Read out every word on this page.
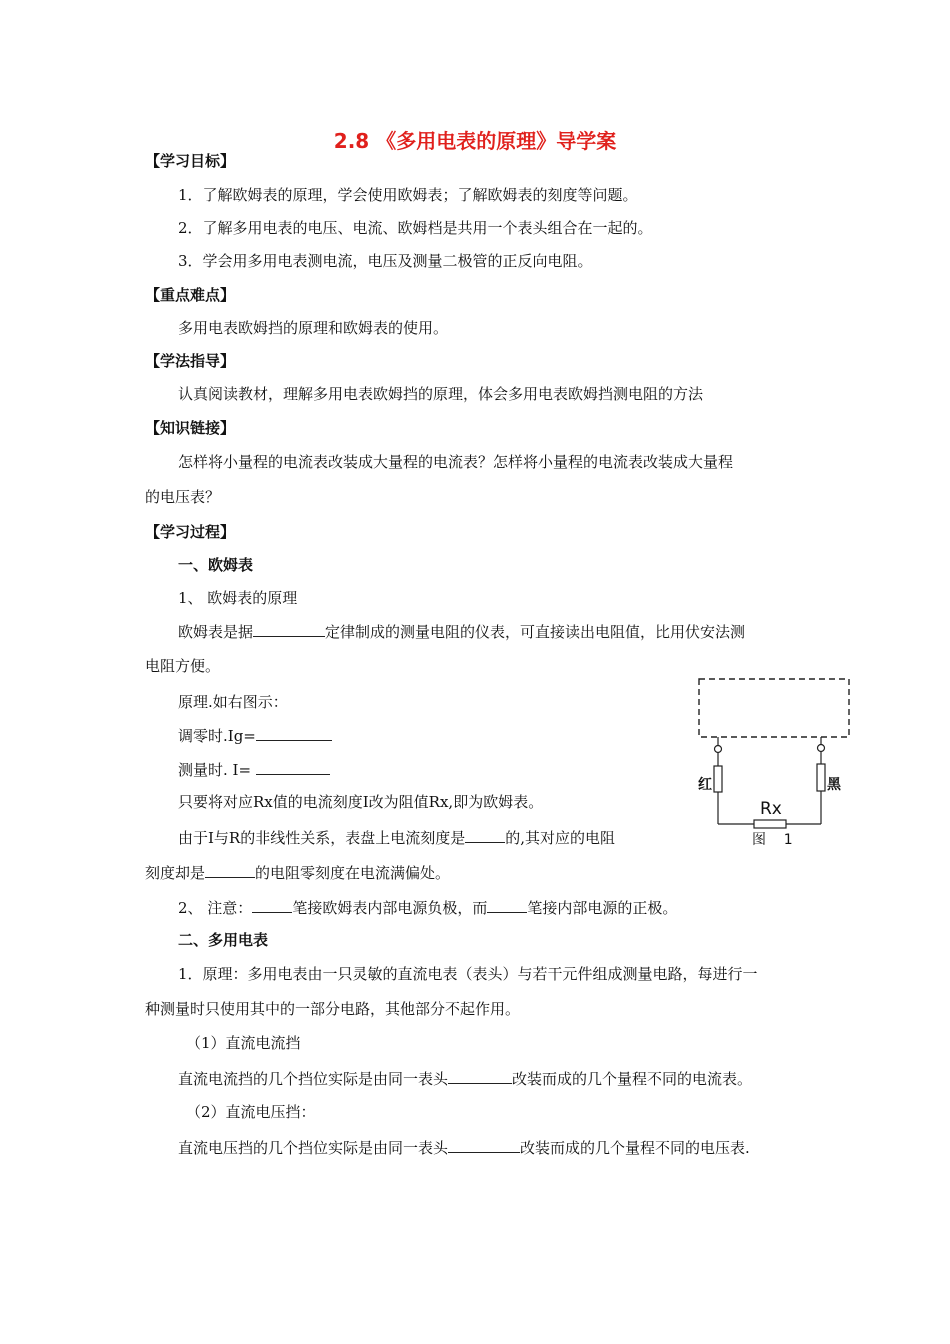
2.8 《多用电表的原理》导学案
【学习目标】
1．了解欧姆表的原理，学会使用欧姆表；了解欧姆表的刻度等问题。
2．了解多用电表的电压、电流、欧姆档是共用一个表头组合在一起的。
3．学会用多用电表测电流，电压及测量二极管的正反向电阻。
【重点难点】
多用电表欧姆挡的原理和欧姆表的使用。
【学法指导】
认真阅读教材，理解多用电表欧姆挡的原理，体会多用电表欧姆挡测电阻的方法
【知识链接】
怎样将小量程的电流表改装成大量程的电流表？怎样将小量程的电流表改装成大量程
的电压表？
【学习过程】
一、欧姆表
1、 欧姆表的原理
欧姆表是据	定律制成的测量电阻的仪表，可直接读出电阻值，比用伏安法测
电阻方便。
原理.如右图示：
调零时.Ig=
测量时. I=
只要将对应Rx值的电流刻度Ⅰ改为阻值Rx,即为欧姆表。
由于Ⅰ与R的非线性关系，表盘上电流刻度是	的,其对应的电阻
刻度却是	的电阻零刻度在电流满偏处。
2、 注意：	笔接欧姆表内部电源负极，而	笔接内部电源的正极。
二、多用电表
1．原理：多用电表由一只灵敏的直流电表（表头）与若干元件组成测量电路，每进行一
种测量时只使用其中的一部分电路，其他部分不起作用。
（1）直流电流挡
直流电流挡的几个挡位实际是由同一表头	改装而成的几个量程不同的电流表。
（2）直流电压挡：
直流电压挡的几个挡位实际是由同一表头	改装而成的几个量程不同的电压表.
红	黑
Rx
图    1
